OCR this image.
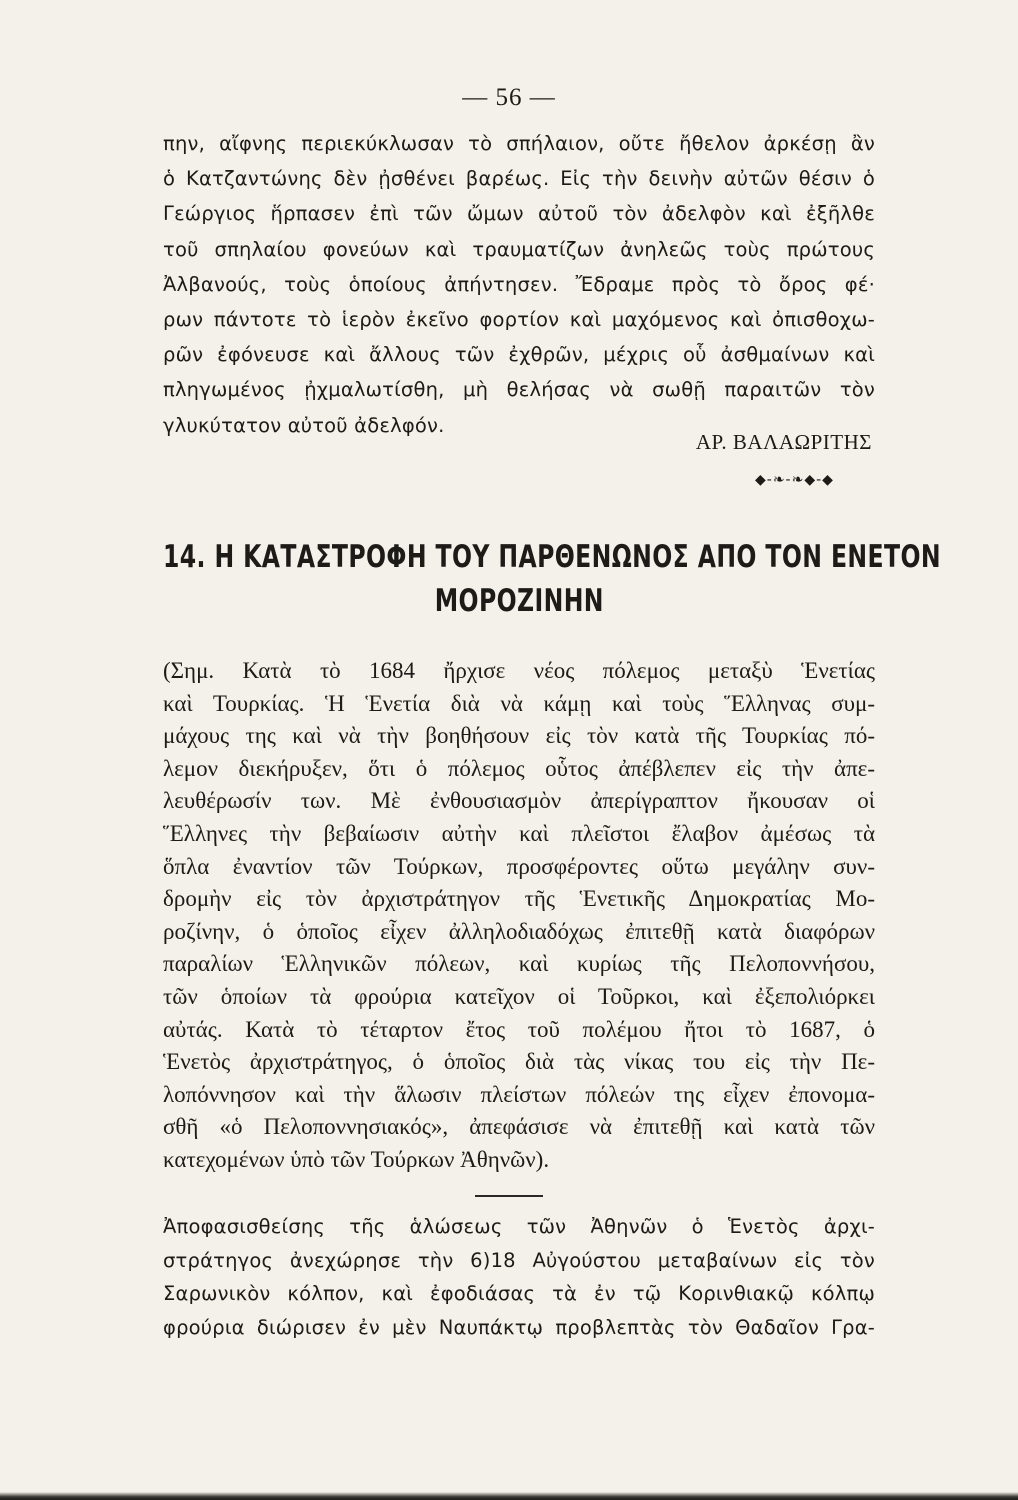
— 56 —
πην, αἴφνης περιεκύκλωσαν τὸ σπήλαιον, οὔτε ἤθελον ἀρκέσῃ ἂν
ὁ Κατζαντώνης δὲν ᾐσθένει βαρέως. Εἰς τὴν δεινὴν αὐτῶν θέσιν ὁ
Γεώργιος ἥρπασεν ἐπὶ τῶν ὤμων αὐτοῦ τὸν ἀδελφὸν καὶ ἐξῆλθε
τοῦ σπηλαίου φονεύων καὶ τραυματίζων ἀνηλεῶς τοὺς πρώτους
Ἀλβανούς, τοὺς ὁποίους ἀπήντησεν. Ἔδραμε πρὸς τὸ ὄρος φέ·
ρων πάντοτε τὸ ἱερὸν ἐκεῖνο φορτίον καὶ μαχόμενος καὶ ὀπισθοχω-
ρῶν ἐφόνευσε καὶ ἄλλους τῶν ἐχθρῶν, μέχρις οὗ ἀσθμαίνων καὶ
πληγωμένος ᾐχμαλωτίσθη, μὴ θελήσας νὰ σωθῇ παραιτῶν τὸν
γλυκύτατον αὐτοῦ ἀδελφόν.
ΑΡ. ΒΑΛΑΩΡΙΤΗΣ
◆-❧-❧◆-◆
14. Η ΚΑΤΑΣΤΡΟΦΗ ΤΟΥ ΠΑΡΘΕΝΩΝΟΣ ΑΠΟ ΤΟΝ ΕΝΕΤΟΝ
ΜΟΡΟΖΙΝΗΝ
(Σημ. Κατὰ τὸ 1684 ἤρχισε νέος πόλεμος μεταξὺ Ἑνετίας
καὶ Τουρκίας. Ἡ Ἑνετία διὰ νὰ κάμῃ καὶ τοὺς Ἕλληνας συμ-
μάχους της καὶ νὰ τὴν βοηθήσουν εἰς τὸν κατὰ τῆς Τουρκίας πό-
λεμον διεκήρυξεν, ὅτι ὁ πόλεμος οὗτος ἀπέβλεπεν εἰς τὴν ἀπε-
λευθέρωσίν των. Μὲ ἐνθουσιασμὸν ἀπερίγραπτον ἤκουσαν οἱ
Ἕλληνες τὴν βεβαίωσιν αὐτὴν καὶ πλεῖστοι ἔλαβον ἀμέσως τὰ
ὅπλα ἐναντίον τῶν Τούρκων, προσφέροντες οὕτω μεγάλην συν-
δρομὴν εἰς τὸν ἀρχιστράτηγον τῆς Ἑνετικῆς Δημοκρατίας Μο-
ροζίνην, ὁ ὁποῖος εἶχεν ἀλληλοδιαδόχως ἐπιτεθῇ κατὰ διαφόρων
παραλίων Ἑλληνικῶν πόλεων, καὶ κυρίως τῆς Πελοποννήσου,
τῶν ὁποίων τὰ φρούρια κατεῖχον οἱ Τοῦρκοι, καὶ ἐξεπολιόρκει
αὐτάς. Κατὰ τὸ τέταρτον ἔτος τοῦ πολέμου ἤτοι τὸ 1687, ὁ
Ἑνετὸς ἀρχιστράτηγος, ὁ ὁποῖος διὰ τὰς νίκας του εἰς τὴν Πε-
λοπόννησον καὶ τὴν ἅλωσιν πλείστων πόλεών της εἶχεν ἐπονομα-
σθῆ «ὁ Πελοποννησιακός», ἀπεφάσισε νὰ ἐπιτεθῇ καὶ κατὰ τῶν
κατεχομένων ὑπὸ τῶν Τούρκων Ἀθηνῶν).
Ἀποφασισθείσης τῆς ἁλώσεως τῶν Ἀθηνῶν ὁ Ἑνετὸς ἀρχι-
στράτηγος ἀνεχώρησε τὴν 6)18 Αὐγούστου μεταβαίνων εἰς τὸν
Σαρωνικὸν κόλπον, καὶ ἐφοδιάσας τὰ ἐν τῷ Κορινθιακῷ κόλπῳ
φρούρια διώρισεν ἐν μὲν Ναυπάκτῳ προβλεπτὰς τὸν Θαδαῖον Γρα-
